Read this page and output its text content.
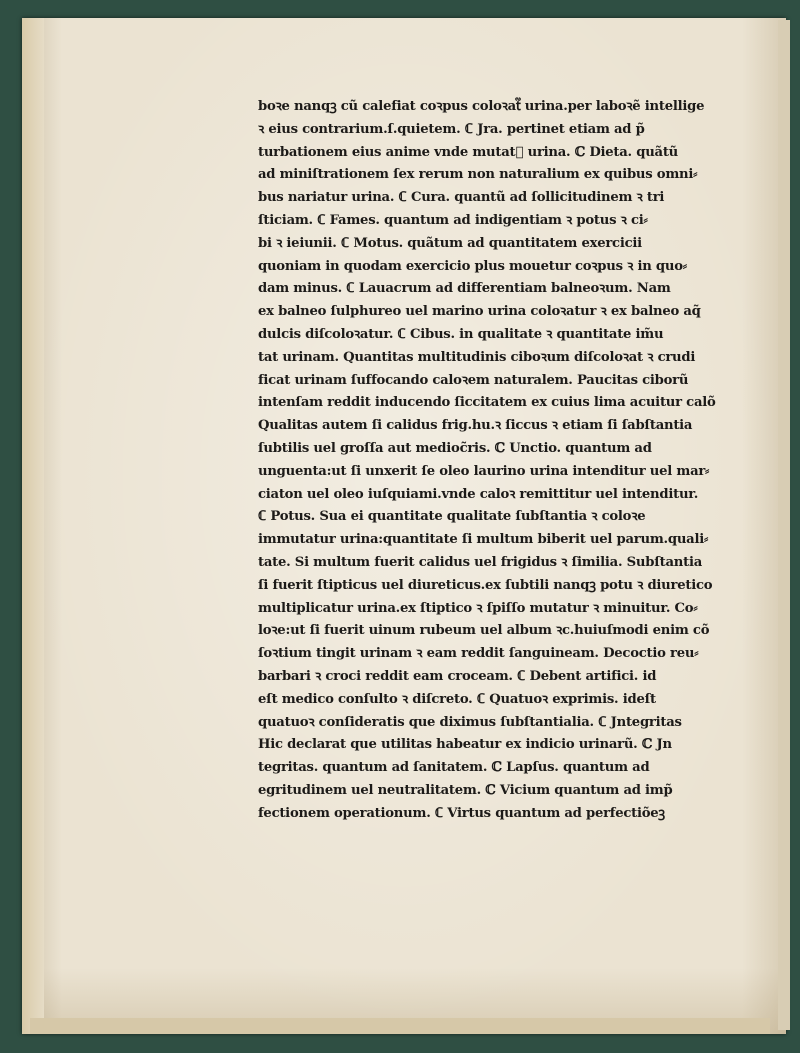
boꝛe nanqꝫ cũ calefiat coꝛpus coloꝛat᷑ urina.per laboꝛẽ intellige
ꝛ eius contrarium.ſ.quietem. ℂ Jra. pertinet etiam ad p̃
turbationem eius anime vnde mutat᷑ urina. ℂ Dieta. quãtũ
ad miniſtrationem ſex rerum non naturalium ex quibus omni⸗
bus nariatur urina. ℂ Cura. quantũ ad ſollicitudinem ꝛ tri
ſticiam. ℂ Fames. quantum ad indigentiam ꝛ potus ꝛ ci⸗
bi ꝛ ieiunii. ℂ Motus. quãtum ad quantitatem exercicii
quoniam in quodam exercicio plus mouetur coꝛpus ꝛ in quo⸗
dam minus. ℂ Lauacrum ad differentiam balneoꝛum. Nam
ex balneo ſulphureo uel marino urina coloꝛatur ꝛ ex balneo aq̃
dulcis diſcoloꝛatur. ℂ Cibus. in qualitate ꝛ quantitate im̃u
tat urinam. Quantitas multitudinis ciboꝛum diſcoloꝛat ꝛ crudi
ficat urinam ſuffocando caloꝛem naturalem. Paucitas ciborũ
intenſam reddit inducendo ſiccitatem ex cuius lima acuitur calõ
Qualitas autem ſi calidus frig.hu.ꝛ ſiccus ꝛ etiam ſi ſabſtantia
ſubtilis uel groſſa aut medioc̃ris. ℂ Unctio. quantum ad
unguenta:ut ſi unxerit ſe oleo laurino urina intenditur uel mar⸗
ciaton uel oleo iuſquiami.vnde caloꝛ remittitur uel intenditur.
ℂ Potus. Sua ei quantitate qualitate ſubſtantia ꝛ coloꝛe
immutatur urina:quantitate ſi multum biberit uel parum.quali⸗
tate. Si multum fuerit calidus uel frigidus ꝛ ſimilia. Subſtantia
ſi fuerit ſtipticus uel diureticus.ex ſubtili nanqꝫ potu ꝛ diuretico
multiplicatur urina.ex ſtiptico ꝛ ſpiſſo mutatur ꝛ minuitur. Co⸗
loꝛe:ut ſi fuerit uinum rubeum uel album ꝛc.huiuſmodi enim cõ
ſoꝛtium tingit urinam ꝛ eam reddit ſanguineam. Decoctio reu⸗
barbari ꝛ croci reddit eam croceam. ℂ Debent artifici. id
eſt medico conſulto ꝛ diſcreto. ℂ Quatuoꝛ exprimis. ideſt
quatuoꝛ conſideratis que diximus ſubſtantialia. ℂ Jntegritas
Hic declarat que utilitas habeatur ex indicio urinarũ. ℂ Jn
tegritas. quantum ad ſanitatem. ℂ Lapſus. quantum ad
egritudinem uel neutralitatem. ℂ Vicium quantum ad imp̃
fectionem operationum. ℂ Virtus quantum ad perfectiõeꝫ
